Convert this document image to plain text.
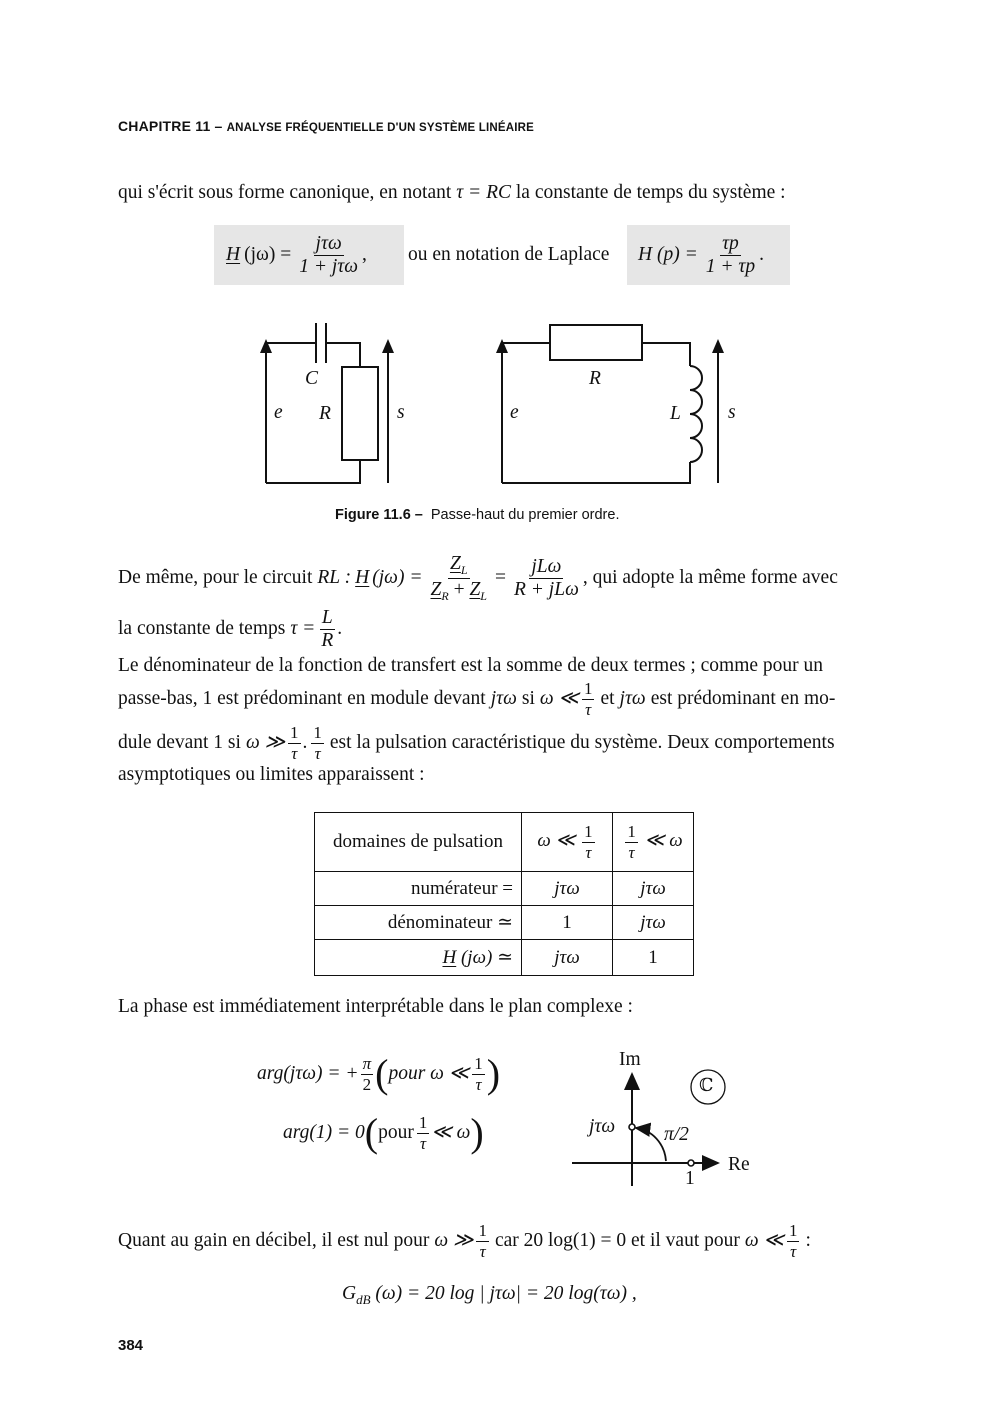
CHAPITRE 11 – ANALYSE FRÉQUENTIELLE D'UN SYSTÈME LINÉAIRE
qui s'écrit sous forme canonique, en notant τ = RC la constante de temps du système :
H $(j\omega) = \frac{\text{jτω}}{\text{1 + jτω}}$ , ou en notation de Laplace H $(p) = \frac{\tau p}{1 + \tau p}$ .
C
R
e	s
R
L
e	s
Figure 11.6 – Passe-haut du premier ordre.
De même, pour le circuit RL : H $(j\omega) = \frac{Z_L}{Z_R + Z_L} = \frac{\text{jLω}}{\text{R + jLω}}$ , qui adopte la même forme avec
la constante de temps $\tau = \frac{L}{R}$ .
Le dénominateur de la fonction de transfert est la somme de deux termes ; comme pour un
passe-bas, 1 est prédominant en module devant jτω si ω ≪ $\frac{1}{\tau}$ et jτω est prédominant en mo-
dule devant 1 si ω ≫ $\frac{1}{\tau}$ . $\frac{1}{\tau}$ est la pulsation caractéristique du système. Deux comportements
asymptotiques ou limites apparaissent :
domaines de pulsation	ω ≪ $\frac{1}{\tau}$	$\frac{1}{\tau}$ ≪ ω
numérateur =	jτω	jτω
dénominateur ≃	1	jτω
H (jω) ≃	jτω	1
La phase est immédiatement interprétable dans le plan complexe :
arg(jτω) = + $\frac{\pi}{2}$ ( pour ω ≪ $\frac{1}{\tau}$ )
arg(1) = 0 ( pour $\frac{1}{\tau}$ ≪ ω )
Im
Re
ℂ
jτω	π/2
1
Quant au gain en décibel, il est nul pour ω ≫ $\frac{1}{\tau}$ car 20 log(1) = 0 et il vaut pour ω ≪ $\frac{1}{\tau}$ :
$G_{dB}$ (ω) = 20 log | jτω| = 20 log(τω) ,
384
